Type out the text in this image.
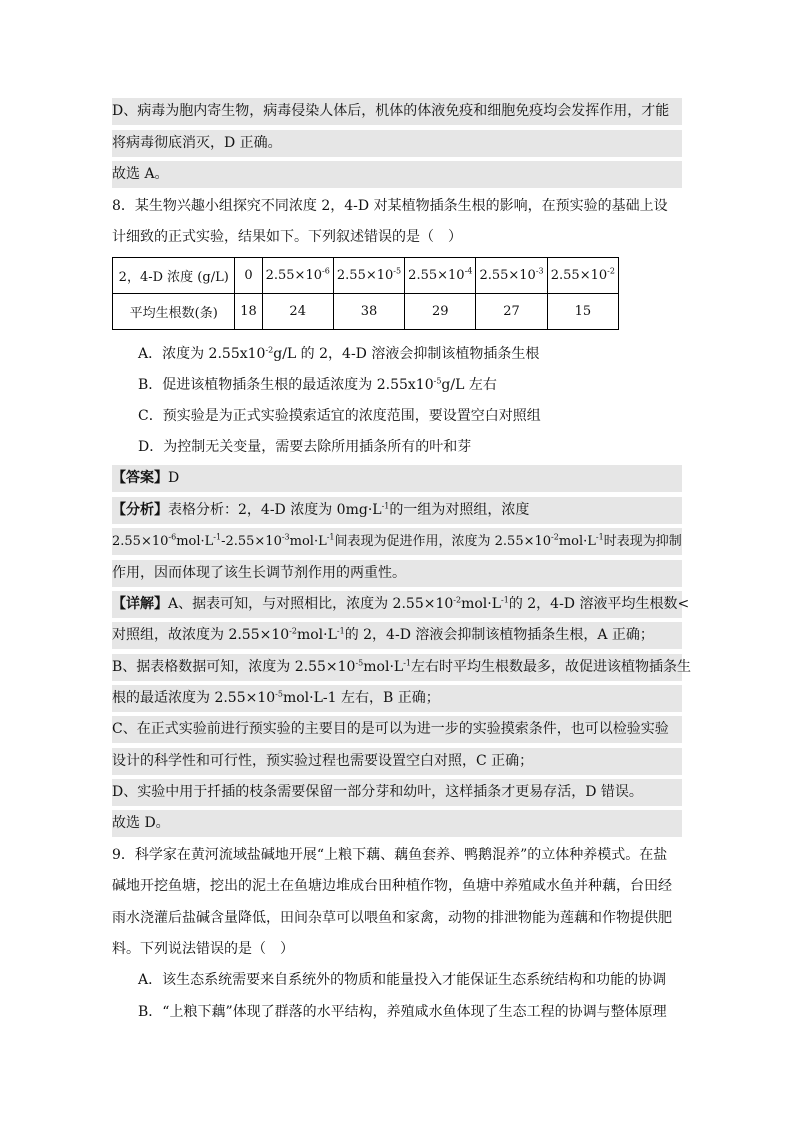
D、病毒为胞内寄生物，病毒侵染人体后，机体的体液免疫和细胞免疫均会发挥作用，才能
将病毒彻底消灭，D 正确。
故选 A。
8．某生物兴趣小组探究不同浓度 2，4-D 对某植物插条生根的影响，在预实验的基础上设
计细致的正式实验，结果如下。下列叙述错误的是（　）
2，4-D 浓度 (g/L)	0	$2.55\times 10^{-6}$	$2.55\times 10^{-5}$	$2.55\times 10^{-4}$	$2.55\times 10^{-3}$	$2.55\times 10^{-2}$
平均生根数(条)	18	24	38	29	27	15
A．浓度为 $2.55x10^{-2}g/L$ 的 2，4-D 溶液会抑制该植物插条生根
B．促进该植物插条生根的最适浓度为 $2.55x10^{-5}g/L$ 左右
C．预实验是为正式实验摸索适宜的浓度范围，要设置空白对照组
D．为控制无关变量，需要去除所用插条所有的叶和芽
【答案】D
【分析】表格分析：2，4-D 浓度为 $0mg\cdot L^{-1}$的一组为对照组，浓度
$2.55\times 10^{-6}mol\cdot L^{-1}-2.55\times 10^{-3}mol\cdot L^{-1}$间表现为促进作用，浓度为 $2.55\times 10^{-2}mol\cdot L^{-1}$时表现为抑制
作用，因而体现了该生长调节剂作用的两重性。
【详解】A、据表可知，与对照相比，浓度为 $2.55\times 10^{-2}mol\cdot L^{-1}$的 2，4-D 溶液平均生根数<
对照组，故浓度为 $2.55\times 10^{-2}mol\cdot L^{-1}$的 2，4-D 溶液会抑制该植物插条生根，A 正确；
B、据表格数据可知，浓度为 $2.55\times 10^{-5}mol\cdot L^{-1}$左右时平均生根数最多，故促进该植物插条生
根的最适浓度为 $2.55\times 10^{-5}mol\cdot L-1$ 左右，B 正确；
C、在正式实验前进行预实验的主要目的是可以为进一步的实验摸索条件，也可以检验实验
设计的科学性和可行性，预实验过程也需要设置空白对照，C 正确；
D、实验中用于扦插的枝条需要保留一部分芽和幼叶，这样插条才更易存活，D 错误。
故选 D。
9．科学家在黄河流域盐碱地开展“上粮下藕、藕鱼套养、鸭鹅混养”的立体种养模式。在盐
碱地开挖鱼塘，挖出的泥土在鱼塘边堆成台田种植作物，鱼塘中养殖咸水鱼并种藕，台田经
雨水浇灌后盐碱含量降低，田间杂草可以喂鱼和家禽，动物的排泄物能为莲藕和作物提供肥
料。下列说法错误的是（　）
A．该生态系统需要来自系统外的物质和能量投入才能保证生态系统结构和功能的协调
B．“上粮下藕”体现了群落的水平结构，养殖咸水鱼体现了生态工程的协调与整体原理
